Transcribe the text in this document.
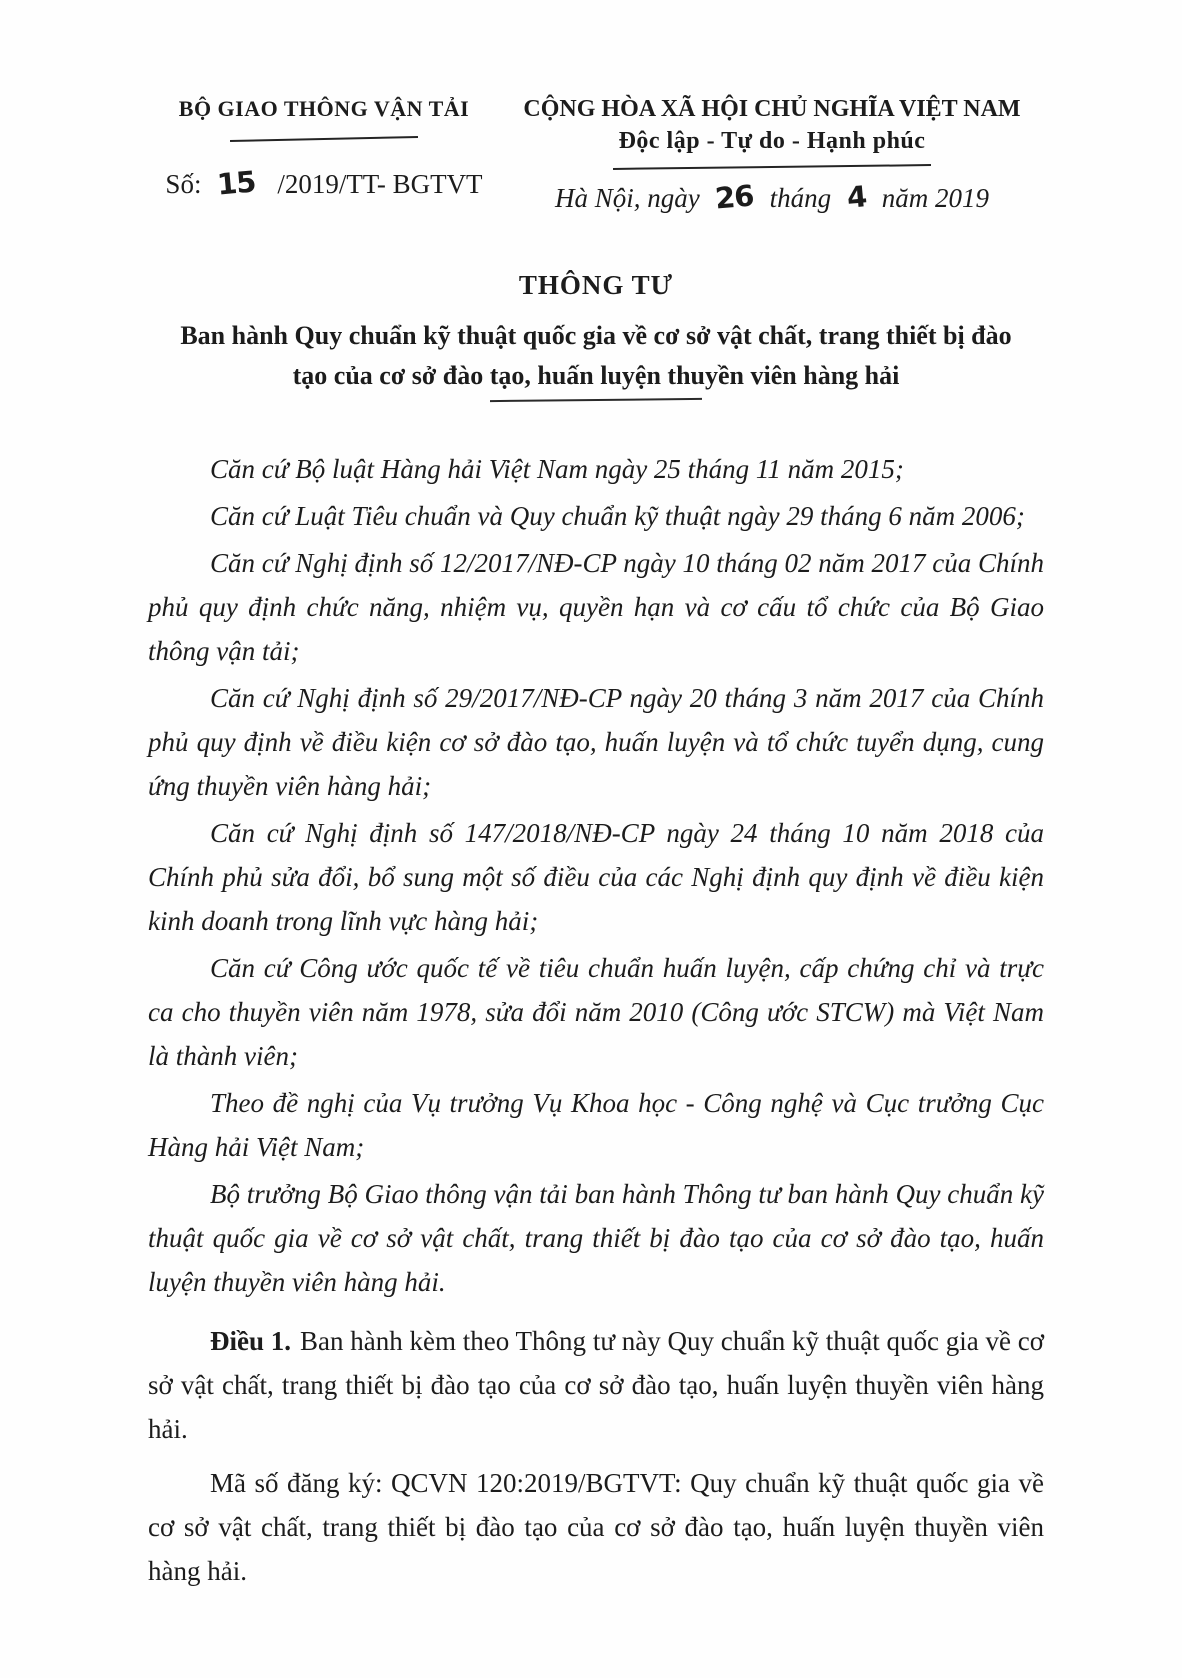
BỘ GIAO THÔNG VẬN TẢI
Số: 15 /2019/TT- BGTVT
CỘNG HÒA XÃ HỘI CHỦ NGHĨA VIỆT NAM
Độc lập - Tự do - Hạnh phúc
Hà Nội, ngày 26 tháng 4 năm 2019
THÔNG TƯ
Ban hành Quy chuẩn kỹ thuật quốc gia về cơ sở vật chất, trang thiết bị đào
tạo của cơ sở đào tạo, huấn luyện thuyền viên hàng hải

Căn cứ Bộ luật Hàng hải Việt Nam ngày 25 tháng 11 năm 2015;

Căn cứ Luật Tiêu chuẩn và Quy chuẩn kỹ thuật ngày 29 tháng 6 năm 2006;

Căn cứ Nghị định số 12/2017/NĐ-CP ngày 10 tháng 02 năm 2017 của Chính phủ quy định chức năng, nhiệm vụ, quyền hạn và cơ cấu tổ chức của Bộ Giao thông vận tải;

Căn cứ Nghị định số 29/2017/NĐ-CP ngày 20 tháng 3 năm 2017 của Chính phủ quy định về điều kiện cơ sở đào tạo, huấn luyện và tổ chức tuyển dụng, cung ứng thuyền viên hàng hải;

Căn cứ Nghị định số 147/2018/NĐ-CP ngày 24 tháng 10 năm 2018 của Chính phủ sửa đổi, bổ sung một số điều của các Nghị định quy định về điều kiện kinh doanh trong lĩnh vực hàng hải;

Căn cứ Công ước quốc tế về tiêu chuẩn huấn luyện, cấp chứng chỉ và trực ca cho thuyền viên năm 1978, sửa đổi năm 2010 (Công ước STCW) mà Việt Nam là thành viên;

Theo đề nghị của Vụ trưởng Vụ Khoa học - Công nghệ và Cục trưởng Cục Hàng hải Việt Nam;

Bộ trưởng Bộ Giao thông vận tải ban hành Thông tư ban hành Quy chuẩn kỹ thuật quốc gia về cơ sở vật chất, trang thiết bị đào tạo của cơ sở đào tạo, huấn luyện thuyền viên hàng hải.

Điều 1. Ban hành kèm theo Thông tư này Quy chuẩn kỹ thuật quốc gia về cơ sở vật chất, trang thiết bị đào tạo của cơ sở đào tạo, huấn luyện thuyền viên hàng hải.

Mã số đăng ký: QCVN 120:2019/BGTVT: Quy chuẩn kỹ thuật quốc gia về cơ sở vật chất, trang thiết bị đào tạo của cơ sở đào tạo, huấn luyện thuyền viên hàng hải.
